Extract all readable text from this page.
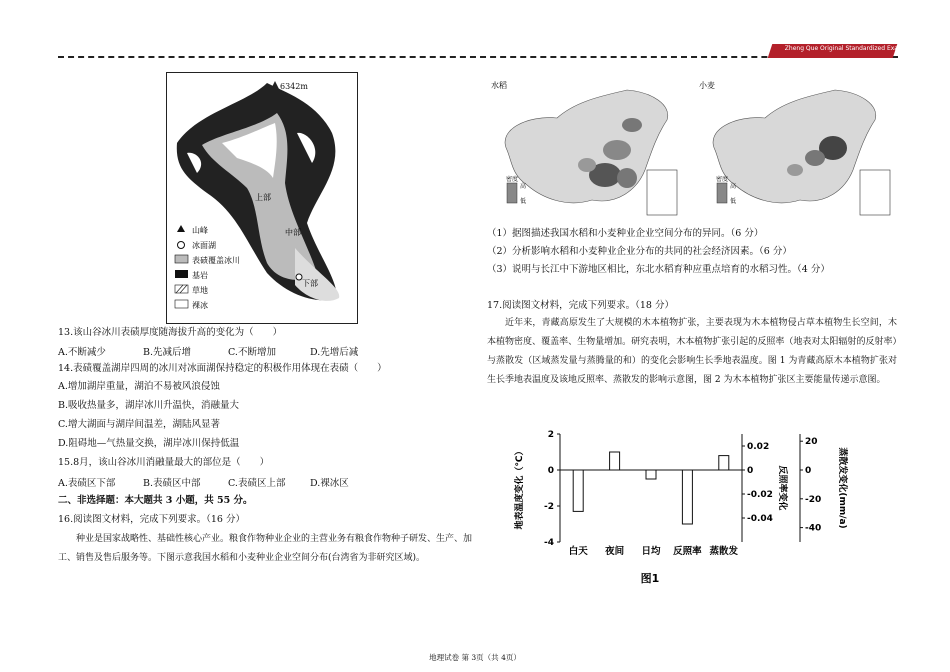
Zheng Que Original Standardized Exam Paper
6342m
上部
中部
下部
山峰
冰面湖
表碛覆盖冰川
基岩
草地
裸冰
13.该山谷冰川表碛厚度随海拔升高的变化为（　　）
A.不断减少	B.先减后增	C.不断增加	D.先增后减
14.表碛覆盖湖岸四周的冰川对冰面湖保持稳定的积极作用体现在表碛（　　）
A.增加湖岸重量，湖泊不易被风浪侵蚀
B.吸收热量多，湖岸冰川升温快，消融量大
C.增大湖面与湖岸间温差，湖陆风显著
D.阻碍地—气热量交换，湖岸冰川保持低温
15.8月，该山谷冰川消融量最大的部位是（　　）
A.表碛区下部	B.表碛区中部	C.表碛区上部	D.裸冰区
二、非选择题：本大题共 3 小题，共 55 分。
16.阅读图文材料，完成下列要求。（16 分）
种业是国家战略性、基础性核心产业。粮食作物种业企业的主营业务有粮食作物种子研发、生产、加工、销售及售后服务等。下图示意我国水稻和小麦种业企业空间分布(台湾省为非研究区域)。
水稻
密度
高
低
小麦
密度
高
低
（1）据图描述我国水稻和小麦种业企业空间分布的异同。（6 分）
（2）分析影响水稻和小麦种业企业分布的共同的社会经济因素。（6 分）
（3）说明与长江中下游地区相比，东北水稻育种应重点培育的水稻习性。（4 分）
17.阅读图文材料，完成下列要求。（18 分）
近年来，青藏高原发生了大规模的木本植物扩张，主要表现为木本植物侵占草本植物生长空间，木本植物密度、覆盖率、生物量增加。研究表明，木本植物扩张引起的反照率（地表对太阳辐射的反射率）与蒸散发（区域蒸发量与蒸腾量的和）的变化会影响生长季地表温度。图 1 为青藏高原木本植物扩张对生长季地表温度及该地反照率、蒸散发的影响示意图，图 2 为木本植物扩张区主要能量传递示意图。
-4
-2
0
2
0.02
0
-0.02
-0.04
20
0
-20
-40
白天 夜间 日均 反照率 蒸散发
地表温度变化（℃）	反照率变化	蒸散发变化(mm/a)
图1
地理试卷 第 3页（共 4页）
